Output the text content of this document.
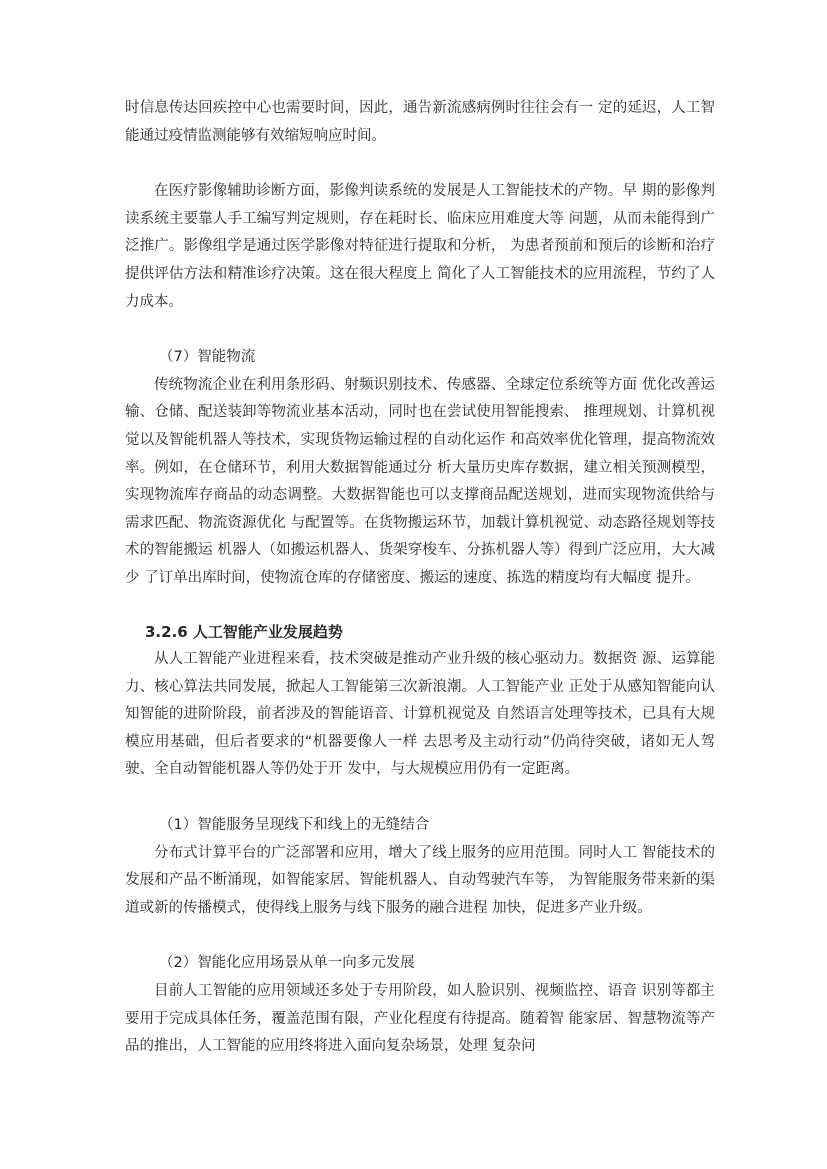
时信息传达回疾控中心也需要时间，因此，通告新流感病例时往往会有一 定的延迟，人工智能通过疫情监测能够有效缩短响应时间。

在医疗影像辅助诊断方面，影像判读系统的发展是人工智能技术的产物。早 期的影像判读系统主要靠人手工编写判定规则，存在耗时长、临床应用难度大等 问题，从而未能得到广泛推广。影像组学是通过医学影像对特征进行提取和分析， 为患者预前和预后的诊断和治疗提供评估方法和精准诊疗决策。这在很大程度上 简化了人工智能技术的应用流程，节约了人力成本。

（7）智能物流

传统物流企业在利用条形码、射频识别技术、传感器、全球定位系统等方面 优化改善运输、仓储、配送装卸等物流业基本活动，同时也在尝试使用智能搜索、 推理规划、计算机视觉以及智能机器人等技术，实现货物运输过程的自动化运作 和高效率优化管理，提高物流效率。例如，在仓储环节，利用大数据智能通过分 析大量历史库存数据，建立相关预测模型，实现物流库存商品的动态调整。大数据智能也可以支撑商品配送规划，进而实现物流供给与需求匹配、物流资源优化 与配置等。在货物搬运环节，加载计算机视觉、动态路径规划等技术的智能搬运 机器人（如搬运机器人、货架穿梭车、分拣机器人等）得到广泛应用，大大减少 了订单出库时间，使物流仓库的存储密度、搬运的速度、拣选的精度均有大幅度 提升。

3.2.6 人工智能产业发展趋势

从人工智能产业进程来看，技术突破是推动产业升级的核心驱动力。数据资 源、运算能力、核心算法共同发展，掀起人工智能第三次新浪潮。人工智能产业 正处于从感知智能向认知智能的进阶阶段，前者涉及的智能语音、计算机视觉及 自然语言处理等技术，已具有大规模应用基础，但后者要求的“机器要像人一样 去思考及主动行动”仍尚待突破，诸如无人驾驶、全自动智能机器人等仍处于开 发中，与大规模应用仍有一定距离。

（1）智能服务呈现线下和线上的无缝结合

分布式计算平台的广泛部署和应用，增大了线上服务的应用范围。同时人工 智能技术的发展和产品不断涌现，如智能家居、智能机器人、自动驾驶汽车等， 为智能服务带来新的渠道或新的传播模式，使得线上服务与线下服务的融合进程 加快，促进多产业升级。

（2）智能化应用场景从单一向多元发展

目前人工智能的应用领域还多处于专用阶段，如人脸识别、视频监控、语音 识别等都主要用于完成具体任务，覆盖范围有限，产业化程度有待提高。随着智 能家居、智慧物流等产品的推出，人工智能的应用终将进入面向复杂场景，处理 复杂问
